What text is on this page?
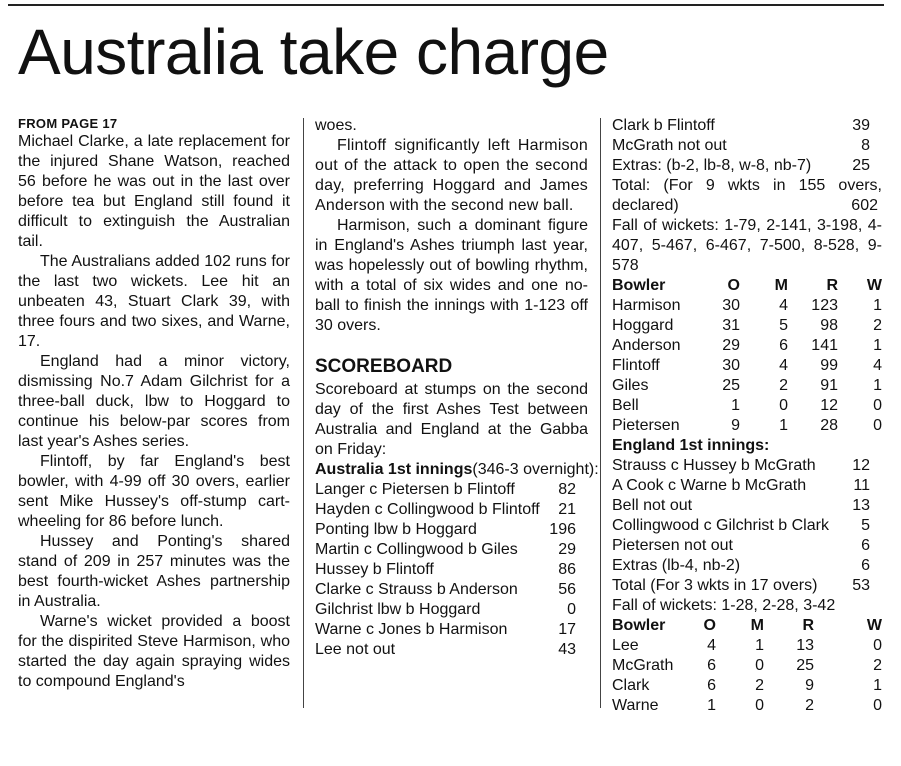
Australia take charge
FROM PAGE 17

Michael Clarke, a late replacement for the injured Shane Watson, reached 56 before he was out in the last over before tea but England still found it difficult to extinguish the Australian tail.

The Australians added 102 runs for the last two wickets. Lee hit an unbeaten 43, Stuart Clark 39, with three fours and two sixes, and Warne, 17.

England had a minor victory, dismissing No.7 Adam Gilchrist for a three-ball duck, lbw to Hoggard to continue his below-par scores from last year's Ashes series.

Flintoff, by far England's best bowler, with 4-99 off 30 overs, earlier sent Mike Hussey's off-stump cart-wheeling for 86 before lunch.

Hussey and Ponting's shared stand of 209 in 257 minutes was the best fourth-wicket Ashes partnership in Australia.

Warne's wicket provided a boost for the dispirited Steve Harmison, who started the day again spraying wides to compound England's

woes.

Flintoff significantly left Harmison out of the attack to open the second day, preferring Hoggard and James Anderson with the second new ball.

Harmison, such a dominant figure in England's Ashes triumph last year, was hopelessly out of bowling rhythm, with a total of six wides and one no-ball to finish the innings with 1-123 off 30 overs.

SCOREBOARD

Scoreboard at stumps on the second day of the first Ashes Test between Australia and England at the Gabba on Friday:

Australia 1st innings (346-3 overnight):
Langer c Pietersen b Flintoff	82
Hayden c Collingwood b Flintoff 21
Ponting lbw b Hoggard	196
Martin c Collingwood b Giles	29
Hussey b Flintoff	86
Clarke c Strauss b Anderson	56
Gilchrist lbw b Hoggard	0
Warne c Jones b Harmison	17
Lee not out	43
Clark b Flintoff	39
McGrath not out	8
Extras: (b-2, lb-8, w-8, nb-7)	25

Total: (For 9 wkts in 155 overs, declared)	602

Fall of wickets: 1-79, 2-141, 3-198, 4-407, 5-467, 6-467, 7-500, 8-528, 9-578

Bowler	O	M	R	W
Harmison	30	4	123	1
Hoggard	31	5	98	2
Anderson	29	6	141	1
Flintoff	30	4	99	4
Giles	25	2	91	1
Bell	1	0	12	0
Pietersen	9	1	28	0
England 1st innings:
Strauss c Hussey b McGrath 12
A Cook c Warne b McGrath	11
Bell not out	13
Collingwood c Gilchrist b Clark 5
Pietersen not out	6
Extras (lb-4, nb-2)	6
Total (For 3 wkts in 17 overs) 53
Fall of wickets: 1-28, 2-28, 3-42
Bowler	O	M	R	W
Lee	4	1	13	0
McGrath	6	0	25	2
Clark	6	2	9	1
Warne	1	0	2	0
